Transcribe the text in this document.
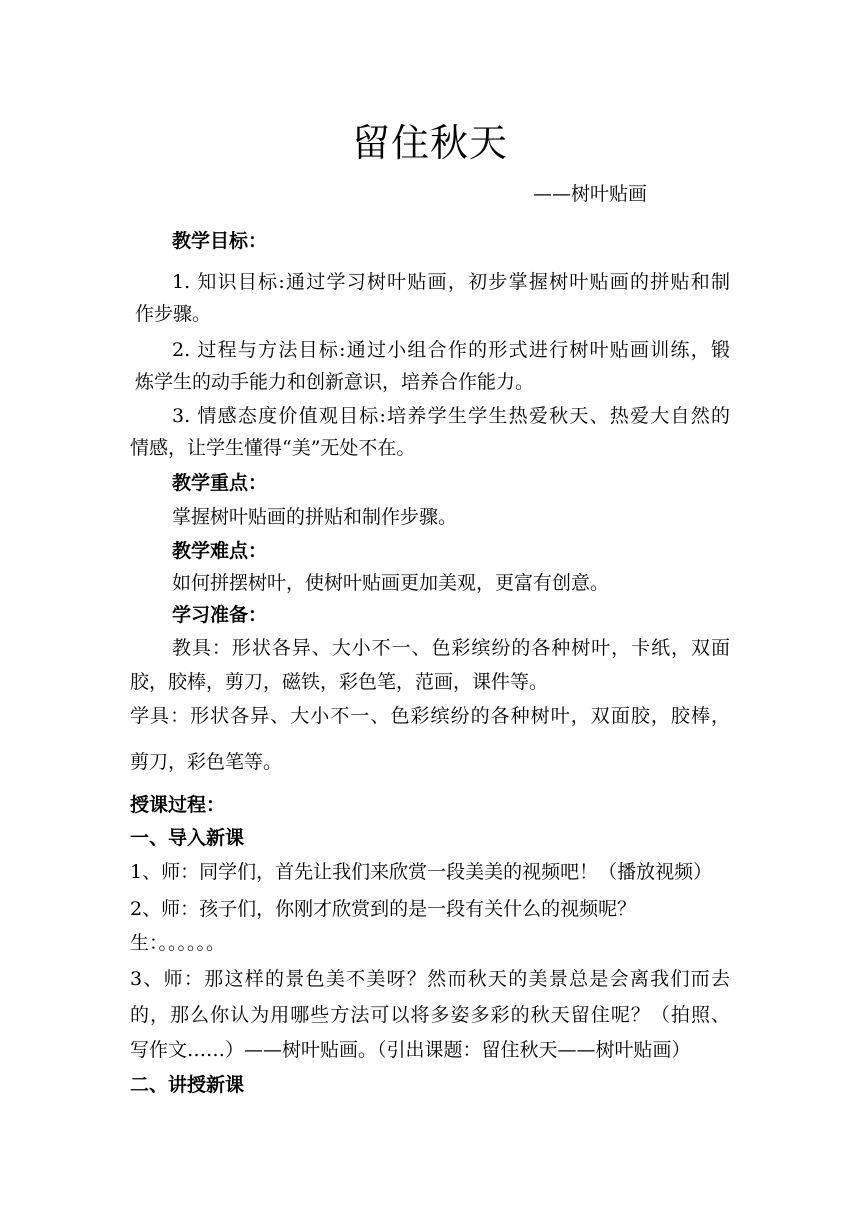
留住秋天
——树叶贴画
教学目标：
1. 知识目标:通过学习树叶贴画，初步掌握树叶贴画的拼贴和制
作步骤。
2. 过程与方法目标:通过小组合作的形式进行树叶贴画训练，锻
炼学生的动手能力和创新意识，培养合作能力。
3. 情感态度价值观目标:培养学生学生热爱秋天、热爱大自然的
情感，让学生懂得“美”无处不在。
教学重点：
掌握树叶贴画的拼贴和制作步骤。
教学难点：
如何拼摆树叶，使树叶贴画更加美观，更富有创意。
学习准备：
教具：形状各异、大小不一、色彩缤纷的各种树叶，卡纸，双面
胶，胶棒，剪刀，磁铁，彩色笔，范画，课件等。
学具：形状各异、大小不一、色彩缤纷的各种树叶，双面胶，胶棒，
剪刀，彩色笔等。
授课过程：
一、导入新课
1、师：同学们，首先让我们来欣赏一段美美的视频吧！（播放视频）
2、师：孩子们，你刚才欣赏到的是一段有关什么的视频呢？
生：。。。。。。
3、师：那这样的景色美不美呀？然而秋天的美景总是会离我们而去
的，那么你认为用哪些方法可以将多姿多彩的秋天留住呢？（拍照、
写作文……）——树叶贴画。（引出课题：留住秋天——树叶贴画）
二、讲授新课
